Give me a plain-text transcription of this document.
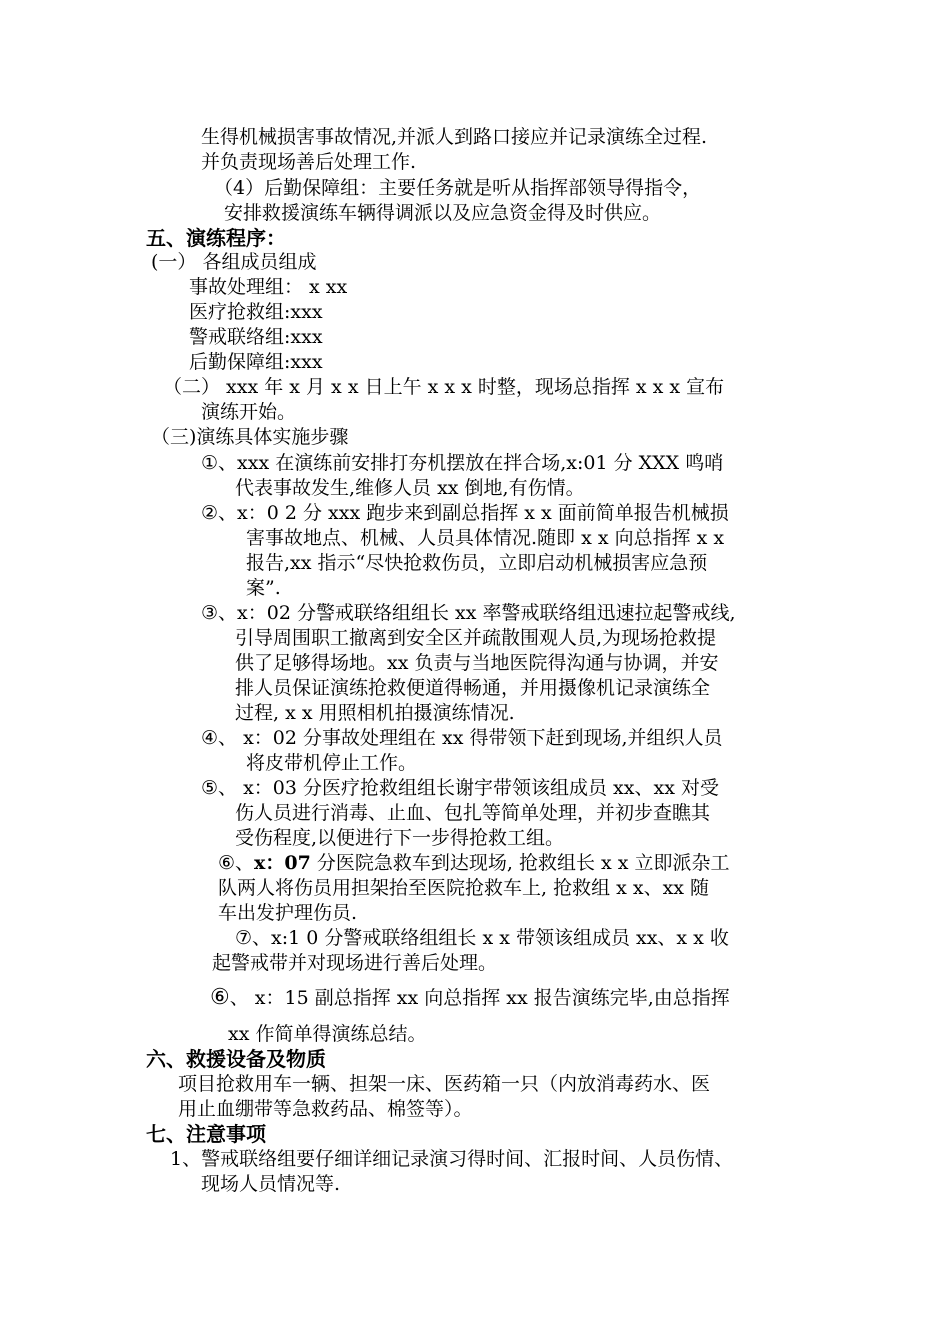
生得机械损害事故情况,并派人到路口接应并记录演练全过程.
并负责现场善后处理工作.
（4）后勤保障组：主要任务就是听从指挥部领导得指令，
安排救援演练车辆得调派以及应急资金得及时供应。
五、演练程序：
(一） 各组成员组成
事故处理组： x xx
医疗抢救组:xxx
警戒联络组:xxx
后勤保障组:xxx
（二） xxx 年 x 月 x x 日上午 x x x 时整，现场总指挥 x x x 宣布
演练开始。
（三)演练具体实施步骤
①、xxx 在演练前安排打夯机摆放在拌合场,x:01 分 XXX 鸣哨
代表事故发生,维修人员 xx 倒地,有伤情。
②、x：0 2 分 xxx 跑步来到副总指挥 x x 面前简单报告机械损
害事故地点、机械、人员具体情况.随即 x x 向总指挥 x x
报告,xx 指示“尽快抢救伤员，立即启动机械损害应急预
案”.
③、x：02 分警戒联络组组长 xx 率警戒联络组迅速拉起警戒线,
引导周围职工撤离到安全区并疏散围观人员,为现场抢救提
供了足够得场地。xx 负责与当地医院得沟通与协调，并安
排人员保证演练抢救便道得畅通，并用摄像机记录演练全
过程, x x 用照相机拍摄演练情况.
④、 x：02 分事故处理组在 xx 得带领下赶到现场,并组织人员
将皮带机停止工作。
⑤、 x：03 分医疗抢救组组长谢宇带领该组成员 xx、xx 对受
伤人员进行消毒、止血、包扎等简单处理，并初步查瞧其
受伤程度,以便进行下一步得抢救工组。
⑥、x：07 分医院急救车到达现场, 抢救组长 x x 立即派杂工
队两人将伤员用担架抬至医院抢救车上, 抢救组 x x、xx 随
车出发护理伤员.
⑦、x:1 0 分警戒联络组组长 x x 带领该组成员 xx、x x 收
起警戒带并对现场进行善后处理。
⑥、 x：15 副总指挥 xx 向总指挥 xx 报告演练完毕,由总指挥
xx 作简单得演练总结。
六、救援设备及物质
项目抢救用车一辆、担架一床、医药箱一只（内放消毒药水、医
用止血绷带等急救药品、棉签等）。
七、注意事项
1、警戒联络组要仔细详细记录演习得时间、汇报时间、人员伤情、
现场人员情况等.
